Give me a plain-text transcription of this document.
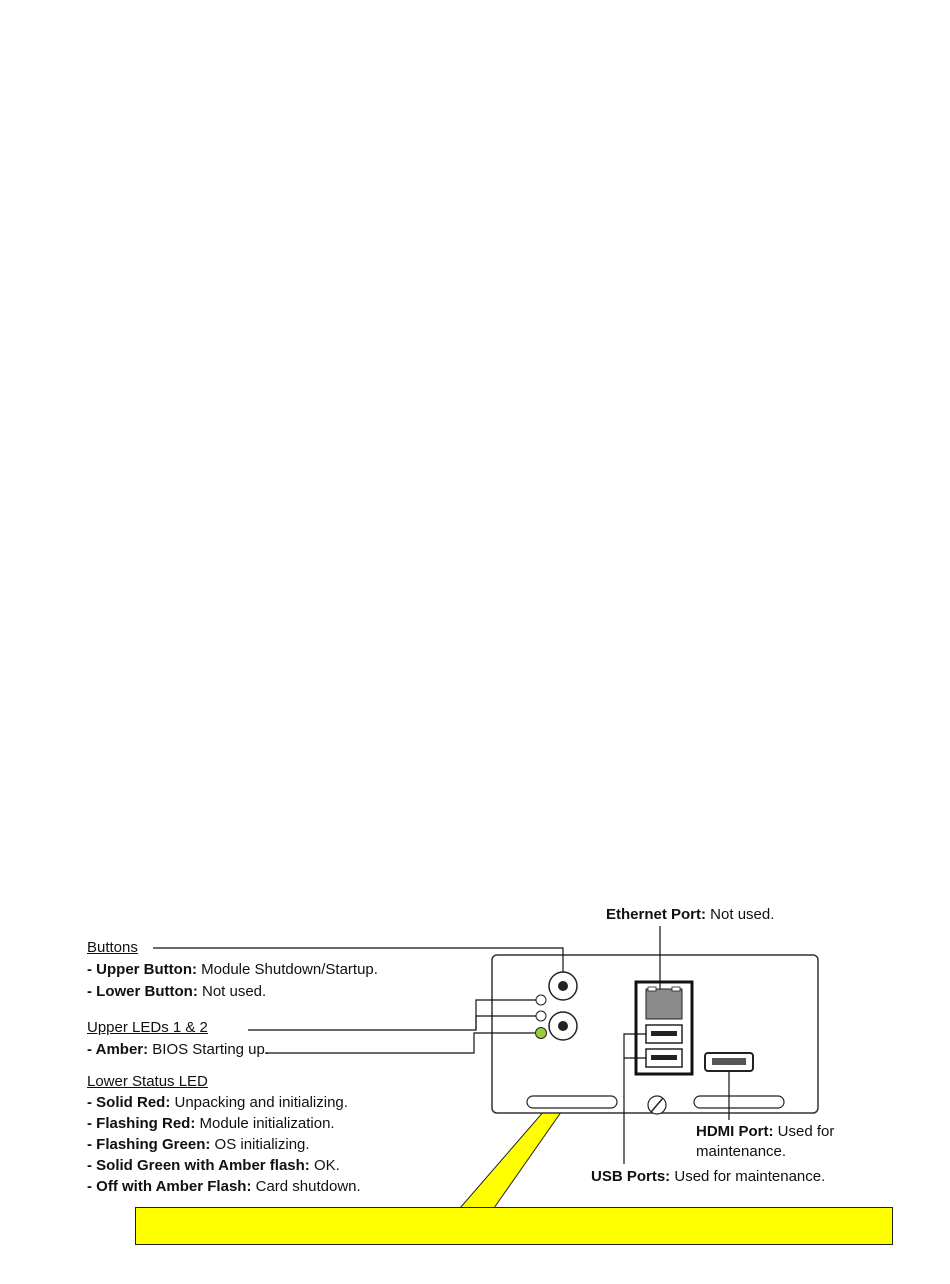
Buttons
- Upper Button: Module Shutdown/Startup.
- Lower Button: Not used.
Upper LEDs 1 & 2
- Amber: BIOS Starting up.
Lower Status LED
- Solid Red: Unpacking and initializing.
- Flashing Red: Module initialization.
- Flashing Green: OS initializing.
- Solid Green with Amber flash: OK.
- Off with Amber Flash: Card shutdown.
Ethernet Port: Not used.
HDMI Port: Used for
maintenance.
USB Ports: Used for maintenance.
